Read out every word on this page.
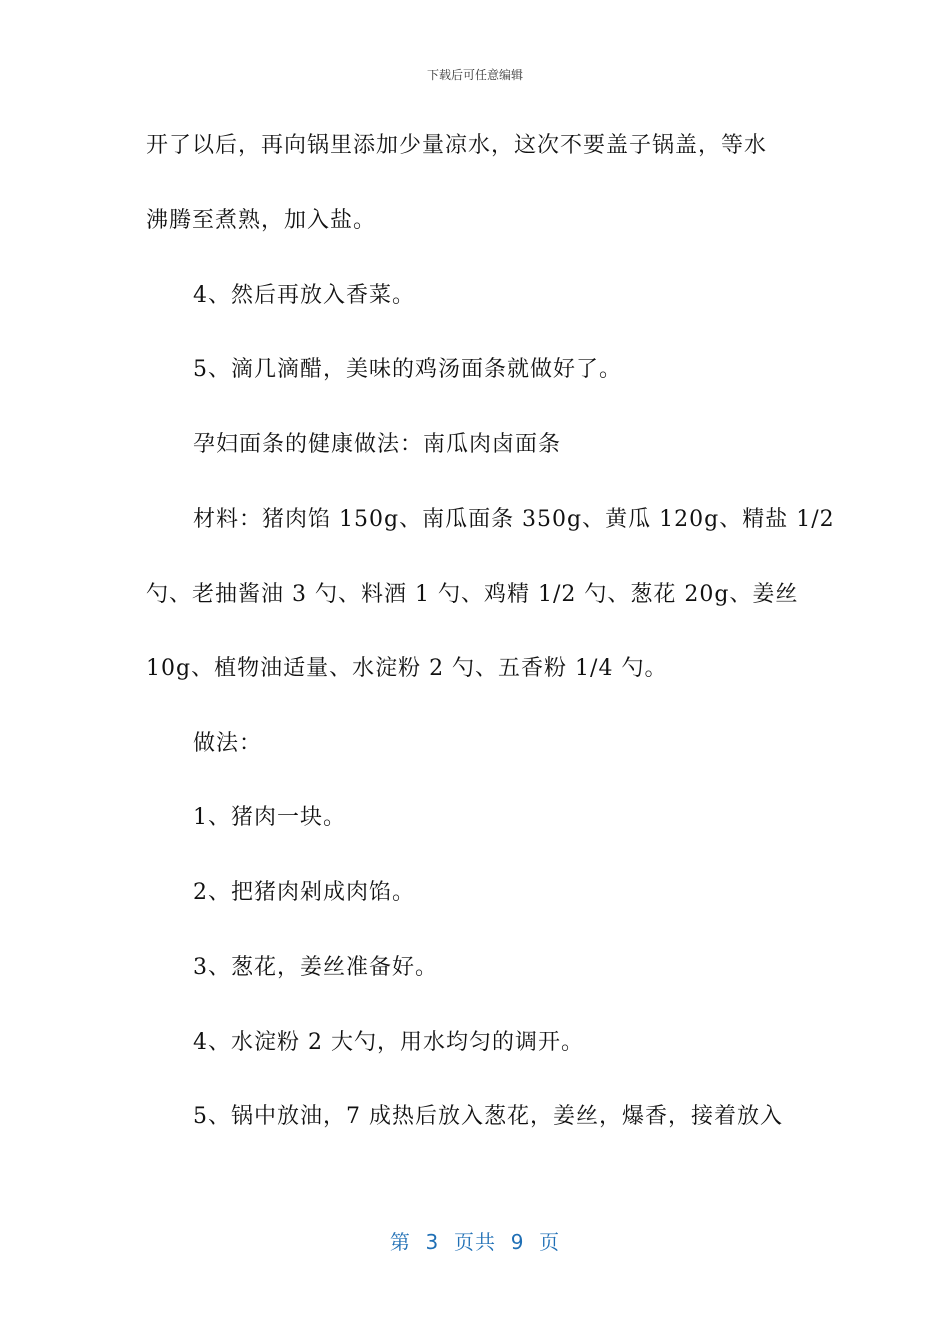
下载后可任意编辑
开了以后，再向锅里添加少量凉水，这次不要盖子锅盖，等水
沸腾至煮熟，加入盐。
4、然后再放入香菜。
5、滴几滴醋，美味的鸡汤面条就做好了。
孕妇面条的健康做法：南瓜肉卤面条
材料：猪肉馅 150g、南瓜面条 350g、黄瓜 120g、精盐 1/2
勺、老抽酱油 3 勺、料酒 1 勺、鸡精 1/2 勺、葱花 20g、姜丝
10g、植物油适量、水淀粉 2 勺、五香粉 1/4 勺。
做法：
1、猪肉一块。
2、把猪肉剁成肉馅。
3、葱花，姜丝准备好。
4、水淀粉 2 大勺，用水均匀的调开。
5、锅中放油，7 成热后放入葱花，姜丝，爆香，接着放入
第  3  页共  9  页
